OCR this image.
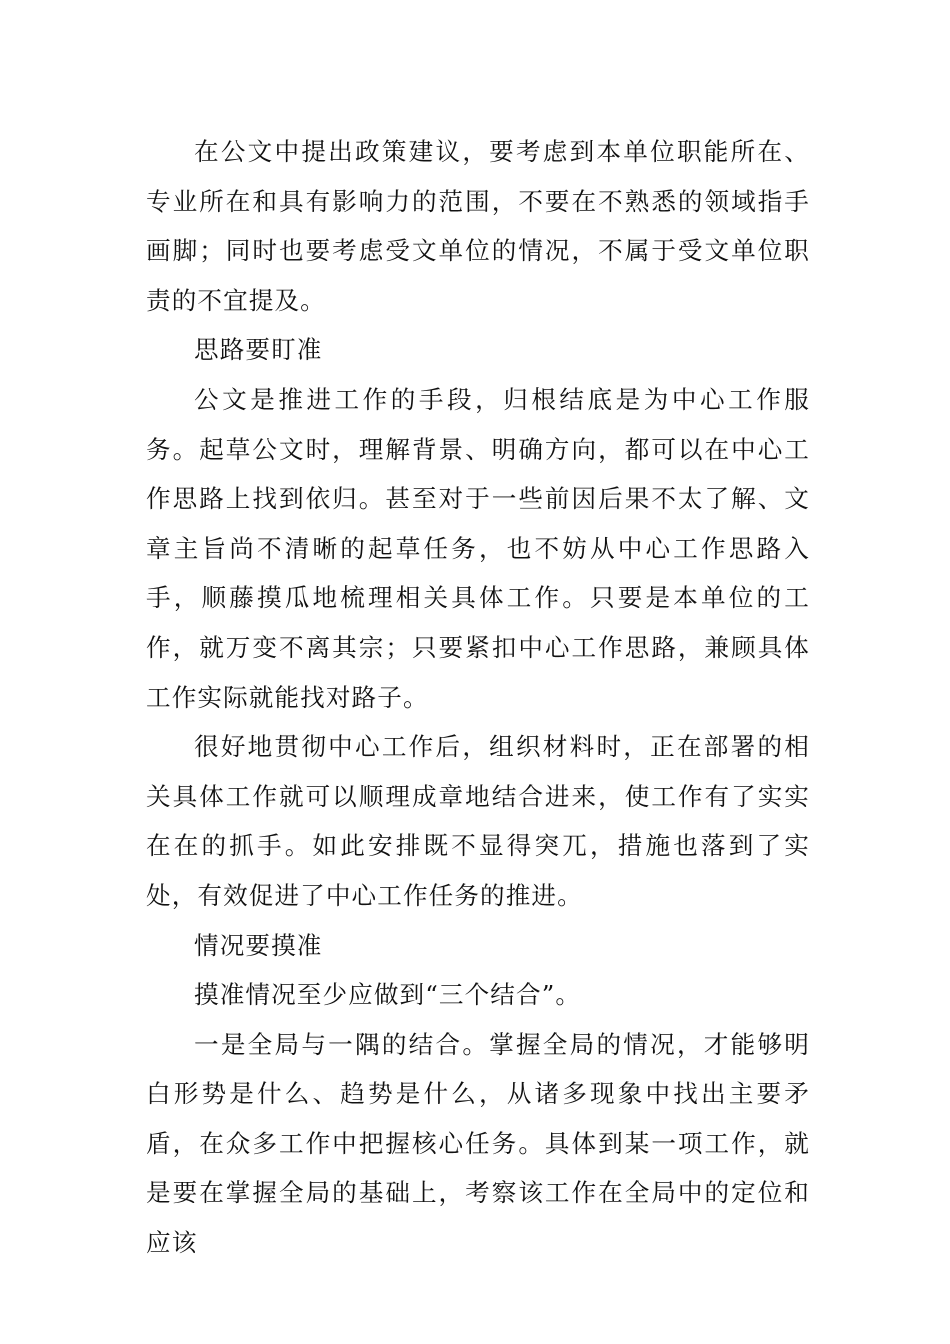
在公文中提出政策建议，要考虑到本单位职能所在、专业所在和具有影响力的范围，不要在不熟悉的领域指手画脚；同时也要考虑受文单位的情况，不属于受文单位职责的不宜提及。

思路要盯准

公文是推进工作的手段，归根结底是为中心工作服务。起草公文时，理解背景、明确方向，都可以在中心工作思路上找到依归。甚至对于一些前因后果不太了解、文章主旨尚不清晰的起草任务，也不妨从中心工作思路入手，顺藤摸瓜地梳理相关具体工作。只要是本单位的工作，就万变不离其宗；只要紧扣中心工作思路，兼顾具体工作实际就能找对路子。

很好地贯彻中心工作后，组织材料时，正在部署的相关具体工作就可以顺理成章地结合进来，使工作有了实实在在的抓手。如此安排既不显得突兀，措施也落到了实处，有效促进了中心工作任务的推进。

情况要摸准

摸准情况至少应做到“三个结合”。

一是全局与一隅的结合。掌握全局的情况，才能够明白形势是什么、趋势是什么，从诸多现象中找出主要矛盾，在众多工作中把握核心任务。具体到某一项工作，就是要在掌握全局的基础上，考察该工作在全局中的定位和应该
